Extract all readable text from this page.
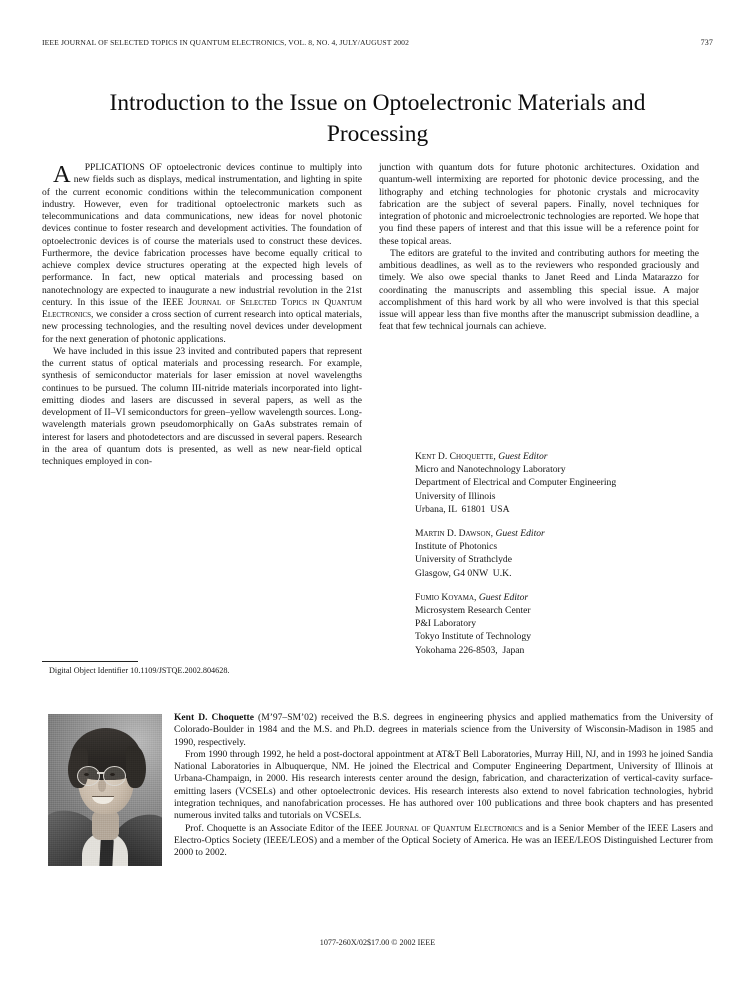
IEEE JOURNAL OF SELECTED TOPICS IN QUANTUM ELECTRONICS, VOL. 8, NO. 4, JULY/AUGUST 2002	737
Introduction to the Issue on Optoelectronic Materials and Processing

A	PPLICATIONS OF optoelectronic devices continue to multiply into new fields such as displays, medical instrumentation, and lighting in spite of the current economic conditions within the telecommunication component industry. However, even for traditional optoelectronic markets such as telecommunications and data communications, new ideas for novel photonic devices continue to foster research and development activities. The foundation of optoelectronic devices is of course the materials used to construct these devices. Furthermore, the device fabrication processes have become equally critical to achieve complex device structures operating at the expected high levels of performance. In fact, new optical materials and processing based on nanotechnology are expected to inaugurate a new industrial revolution in the 21st century. In this issue of the IEEE Journal of Selected Topics in Quantum Electronics, we consider a cross section of current research into optical materials, new processing technologies, and the resulting novel devices under development for the next generation of photonic applications.

We have included in this issue 23 invited and contributed papers that represent the current status of optical materials and processing research. For example, synthesis of semiconductor materials for laser emission at novel wavelengths continues to be pursued. The column III-nitride materials incorporated into light-emitting diodes and lasers are discussed in several papers, as well as the development of II–VI semiconductors for green–yellow wavelength sources. Long-wavelength materials grown pseudomorphically on GaAs substrates remain of interest for lasers and photodetectors and are discussed in several papers. Research in the area of quantum dots is presented, as well as new near-field optical techniques employed in con-

junction with quantum dots for future photonic architectures. Oxidation and quantum-well intermixing are reported for photonic device processing, and the lithography and etching technologies for photonic crystals and microcavity fabrication are the subject of several papers. Finally, novel techniques for integration of photonic and microelectronic technologies are reported. We hope that you find these papers of interest and that this issue will be a reference point for these topical areas.

The editors are grateful to the invited and contributing authors for meeting the ambitious deadlines, as well as to the reviewers who responded graciously and timely. We also owe special thanks to Janet Reed and Linda Matarazzo for coordinating the manuscripts and assembling this special issue. A major accomplishment of this hard work by all who were involved is that this special issue will appear less than five months after the manuscript submission deadline, a feat that few technical journals can achieve.

Kent D. Choquette, Guest Editor
Micro and Nanotechnology Laboratory
Department of Electrical and Computer Engineering
University of Illinois
Urbana, IL  61801  USA
Martin D. Dawson, Guest Editor
Institute of Photonics
University of Strathclyde
Glasgow, G4 0NW  U.K.
Fumio Koyama, Guest Editor
Microsystem Research Center
P&I Laboratory
Tokyo Institute of Technology
Yokohama 226-8503,  Japan
Digital Object Identifier 10.1109/JSTQE.2002.804628.

Kent D. Choquette (M’97–SM’02) received the B.S. degrees in engineering physics and applied mathematics from the University of Colorado-Boulder in 1984 and the M.S. and Ph.D. degrees in materials science from the University of Wisconsin-Madison in 1985 and 1990, respectively.

From 1990 through 1992, he held a post-doctoral appointment at AT&T Bell Laboratories, Murray Hill, NJ, and in 1993 he joined Sandia National Laboratories in Albuquerque, NM. He joined the Electrical and Computer Engineering Department, University of Illinois at Urbana-Champaign, in 2000. His research interests center around the design, fabrication, and characterization of vertical-cavity surface-emitting lasers (VCSELs) and other optoelectronic devices. His research interests also extend to novel fabrication technologies, hybrid integration techniques, and nanofabrication processes. He has authored over 100 publications and three book chapters and has presented numerous invited talks and tutorials on VCSELs.

Prof. Choquette is an Associate Editor of the IEEE Journal of Quantum Electronics and is a Senior Member of the IEEE Lasers and Electro-Optics Society (IEEE/LEOS) and a member of the Optical Society of America. He was an IEEE/LEOS Distinguished Lecturer from 2000 to 2002.

1077-260X/02$17.00 © 2002 IEEE
